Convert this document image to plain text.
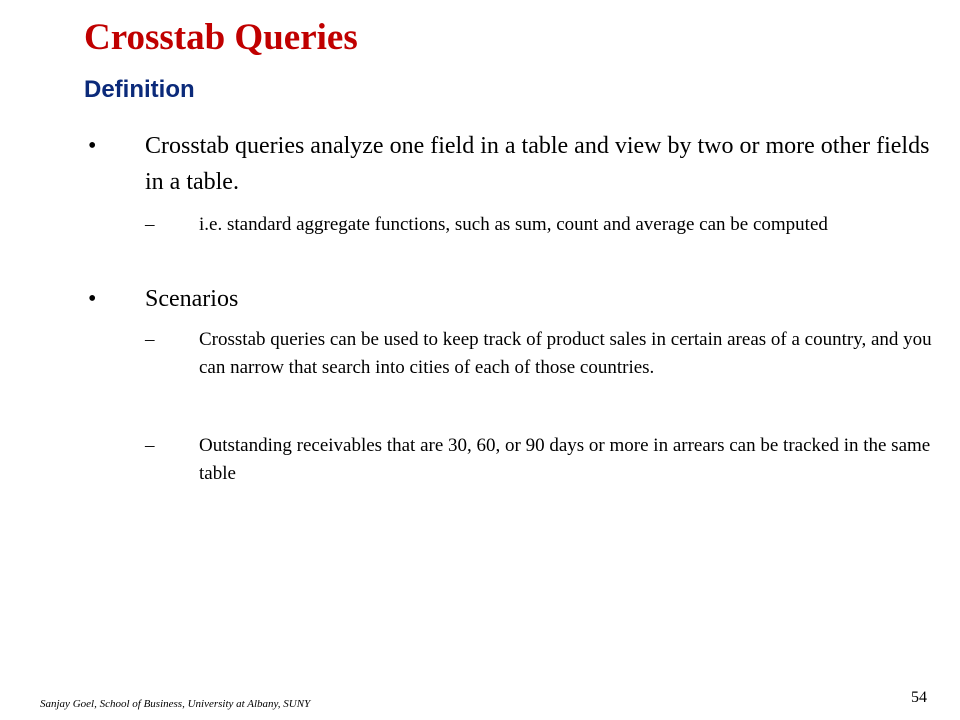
Crosstab Queries
Definition
• Crosstab queries analyze one field in a table and view by two or more other fields in a table.

– i.e. standard aggregate functions, such as sum, count and average can be computed

• Scenarios

– Crosstab queries can be used to keep track of product sales in certain areas of a country, and you can narrow that search into cities of each of those countries.

– Outstanding receivables that are 30, 60, or 90 days or more in arrears can be tracked in the same table

Sanjay Goel, School of Business, University at Albany, SUNY	54
